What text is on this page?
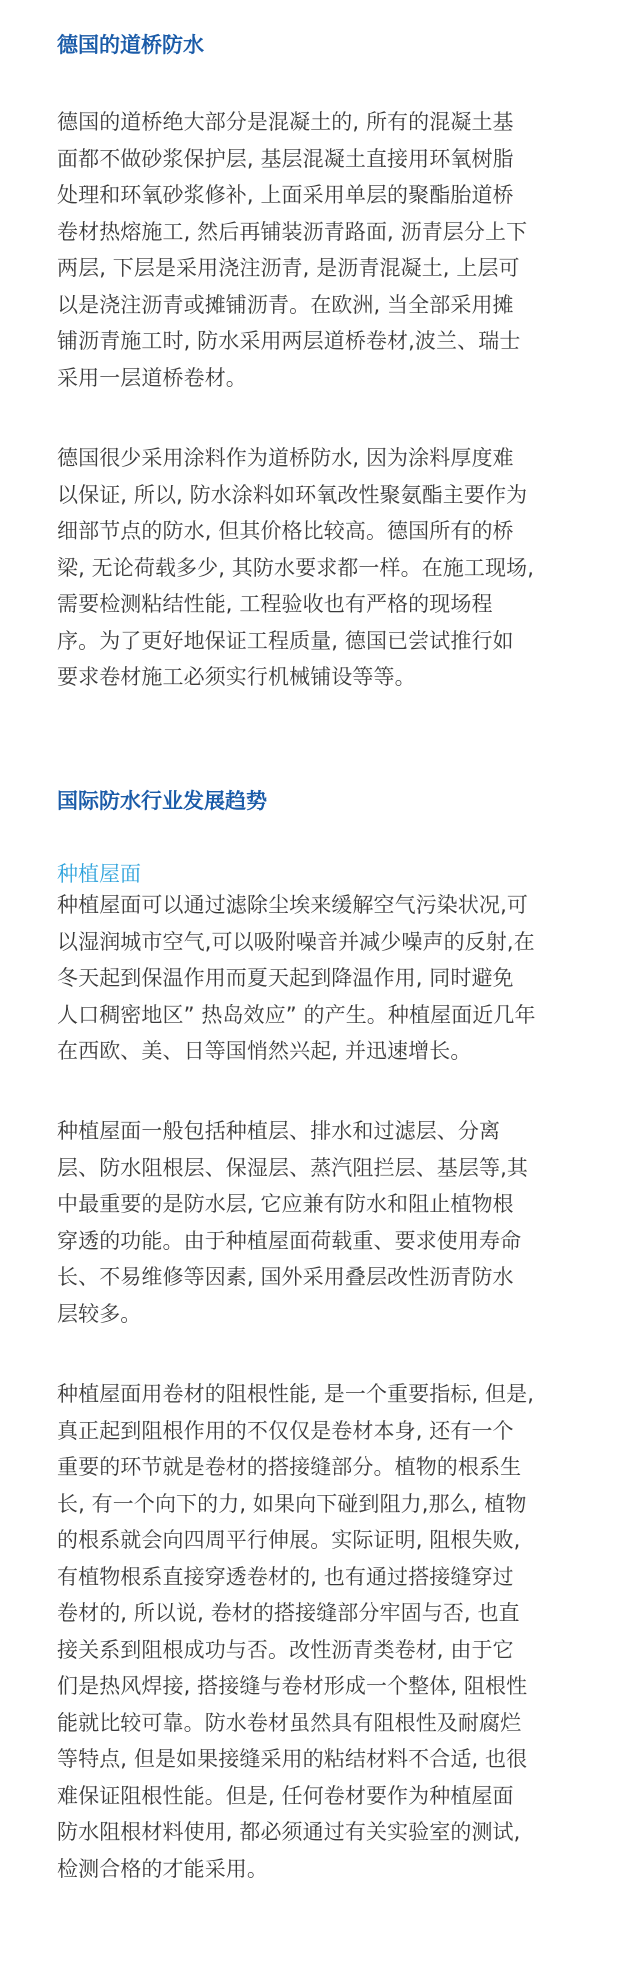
德国的道桥防水
德国的道桥绝大部分是混凝土的, 所有的混凝土基
面都不做砂浆保护层, 基层混凝土直接用环氧树脂
处理和环氧砂浆修补, 上面采用单层的聚酯胎道桥
卷材热熔施工, 然后再铺装沥青路面, 沥青层分上下
两层, 下层是采用浇注沥青, 是沥青混凝土, 上层可
以是浇注沥青或摊铺沥青。在欧洲, 当全部采用摊
铺沥青施工时, 防水采用两层道桥卷材,波兰、瑞士
采用一层道桥卷材。
德国很少采用涂料作为道桥防水, 因为涂料厚度难
以保证, 所以, 防水涂料如环氧改性聚氨酯主要作为
细部节点的防水, 但其价格比较高。德国所有的桥
梁, 无论荷载多少, 其防水要求都一样。在施工现场,
需要检测粘结性能, 工程验收也有严格的现场程
序。为了更好地保证工程质量, 德国已尝试推行如
要求卷材施工必须实行机械铺设等等。
国际防水行业发展趋势
种植屋面
种植屋面可以通过滤除尘埃来缓解空气污染状况,可
以湿润城市空气,可以吸附噪音并减少噪声的反射,在
冬天起到保温作用而夏天起到降温作用, 同时避免
人口稠密地区” 热岛效应” 的产生。种植屋面近几年
在西欧、美、日等国悄然兴起, 并迅速增长。
种植屋面一般包括种植层、排水和过滤层、分离
层、防水阻根层、保湿层、蒸汽阻拦层、基层等,其
中最重要的是防水层, 它应兼有防水和阻止植物根
穿透的功能。由于种植屋面荷载重、要求使用寿命
长、不易维修等因素, 国外采用叠层改性沥青防水
层较多。
种植屋面用卷材的阻根性能, 是一个重要指标, 但是,
真正起到阻根作用的不仅仅是卷材本身, 还有一个
重要的环节就是卷材的搭接缝部分。植物的根系生
长, 有一个向下的力, 如果向下碰到阻力,那么, 植物
的根系就会向四周平行伸展。实际证明, 阻根失败,
有植物根系直接穿透卷材的, 也有通过搭接缝穿过
卷材的, 所以说, 卷材的搭接缝部分牢固与否, 也直
接关系到阻根成功与否。改性沥青类卷材, 由于它
们是热风焊接, 搭接缝与卷材形成一个整体, 阻根性
能就比较可靠。防水卷材虽然具有阻根性及耐腐烂
等特点, 但是如果接缝采用的粘结材料不合适, 也很
难保证阻根性能。但是, 任何卷材要作为种植屋面
防水阻根材料使用, 都必须通过有关实验室的测试,
检测合格的才能采用。
